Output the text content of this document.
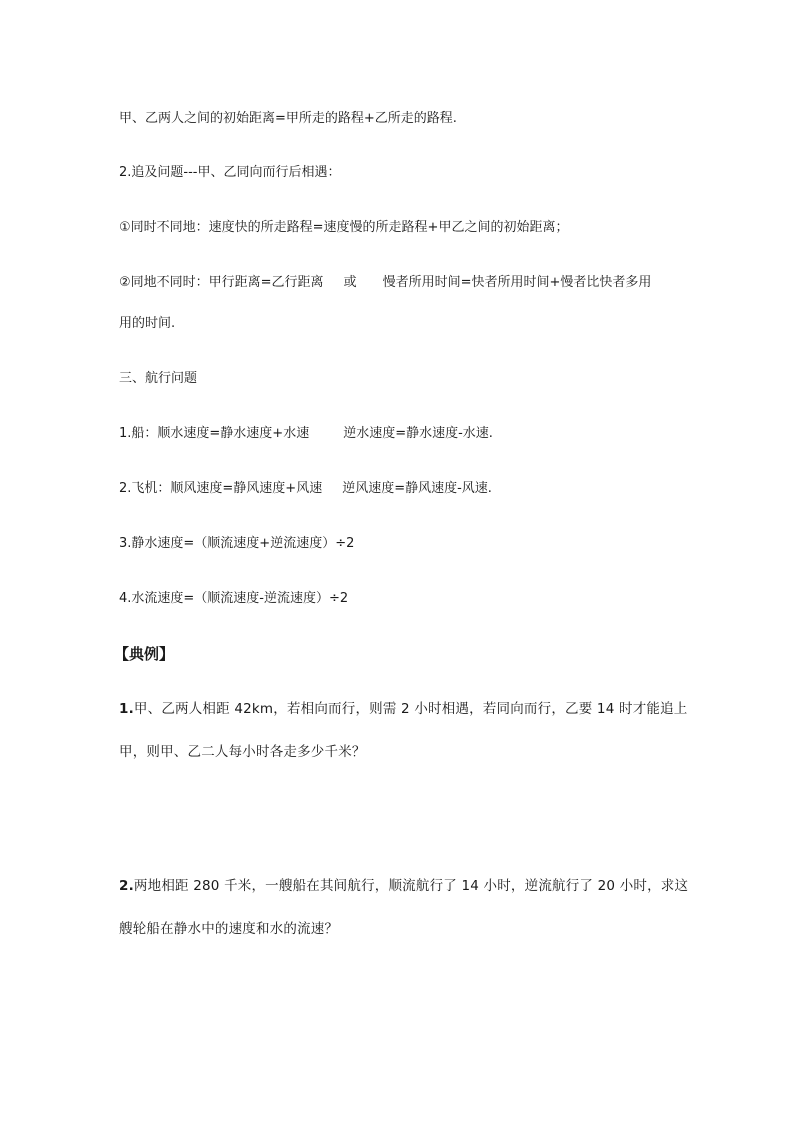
甲、乙两人之间的初始距离=甲所走的路程+乙所走的路程.
2.追及问题---甲、乙同向而行后相遇：
①同时不同地：速度快的所走路程=速度慢的所走路程+甲乙之间的初始距离；
②同地不同时：甲行距离=乙行距离 或 慢者所用时间=快者所用时间+慢者比快者多用
用的时间.
三、航行问题
1.船：顺水速度=静水速度+水速	逆水速度=静水速度-水速.
2.飞机：顺风速度=静风速度+风速 逆风速度=静风速度-风速.
3.静水速度=（顺流速度+逆流速度）÷2
4.水流速度=（顺流速度-逆流速度）÷2
【典例】
1.甲、乙两人相距 42km，若相向而行，则需 2 小时相遇，若同向而行，乙要 14 时才能追上
甲，则甲、乙二人每小时各走多少千米？
2.两地相距 280 千米，一艘船在其间航行，顺流航行了 14 小时，逆流航行了 20 小时，求这
艘轮船在静水中的速度和水的流速？
